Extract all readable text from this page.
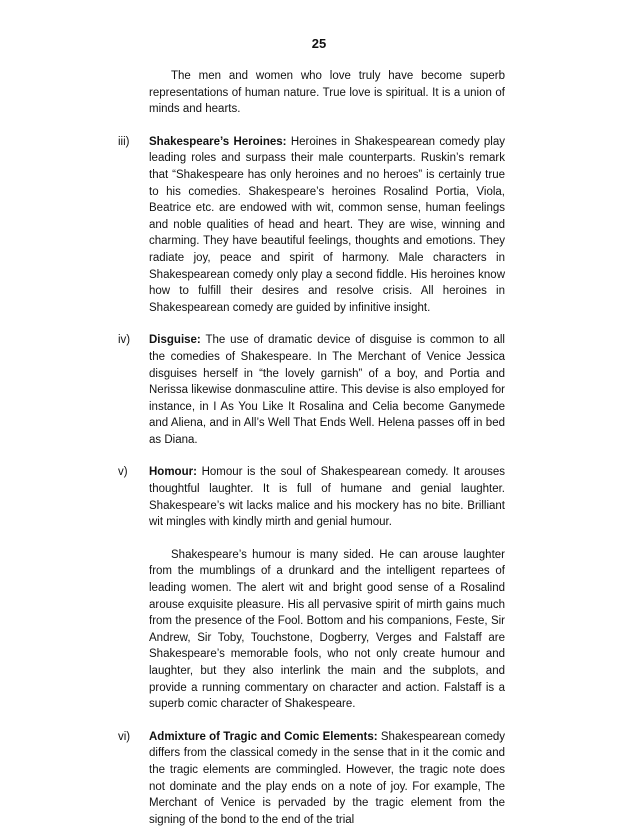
25

The men and women who love truly have become superb representations of human nature. True love is spiritual. It is a union of minds and hearts.

iii)	Shakespeare’s Heroines: Heroines in Shakespearean comedy play leading roles and surpass their male counterparts. Ruskin’s remark that “Shakespeare has only heroines and no heroes” is certainly true to his comedies. Shakespeare’s heroines Rosalind Portia, Viola, Beatrice etc. are endowed with wit, common sense, human feelings and noble qualities of head and heart. They are wise, winning and charming. They have beautiful feelings, thoughts and emotions. They radiate joy, peace and spirit of harmony. Male characters in Shakespearean comedy only play a second fiddle. His heroines know how to fulfill their desires and resolve crisis. All heroines in Shakespearean comedy are guided by infinitive insight.

iv)	Disguise: The use of dramatic device of disguise is common to all the comedies of Shakespeare. In The Merchant of Venice Jessica disguises herself in “the lovely garnish” of a boy, and Portia and Nerissa likewise donmasculine attire. This devise is also employed for instance, in I As You Like It Rosalina and Celia become Ganymede and Aliena, and in All’s Well That Ends Well. Helena passes off in bed as Diana.

v)	Homour: Homour is the soul of Shakespearean comedy. It arouses thoughtful laughter. It is full of humane and genial laughter. Shakespeare’s wit lacks malice and his mockery has no bite. Brilliant wit mingles with kindly mirth and genial humour.

Shakespeare’s humour is many sided. He can arouse laughter from the mumblings of a drunkard and the intelligent repartees of leading women. The alert wit and bright good sense of a Rosalind arouse exquisite pleasure. His all pervasive spirit of mirth gains much from the presence of the Fool. Bottom and his companions, Feste, Sir Andrew, Sir Toby, Touchstone, Dogberry, Verges and Falstaff are Shakespeare’s memorable fools, who not only create humour and laughter, but they also interlink the main and the subplots, and provide a running commentary on character and action. Falstaff is a superb comic character of Shakespeare.

vi)	Admixture of Tragic and Comic Elements: Shakespearean comedy differs from the classical comedy in the sense that in it the comic and the tragic elements are commingled. However, the tragic note does not dominate and the play ends on a note of joy. For example, The Merchant of Venice is pervaded by the tragic element from the signing of the bond to the end of the trial
